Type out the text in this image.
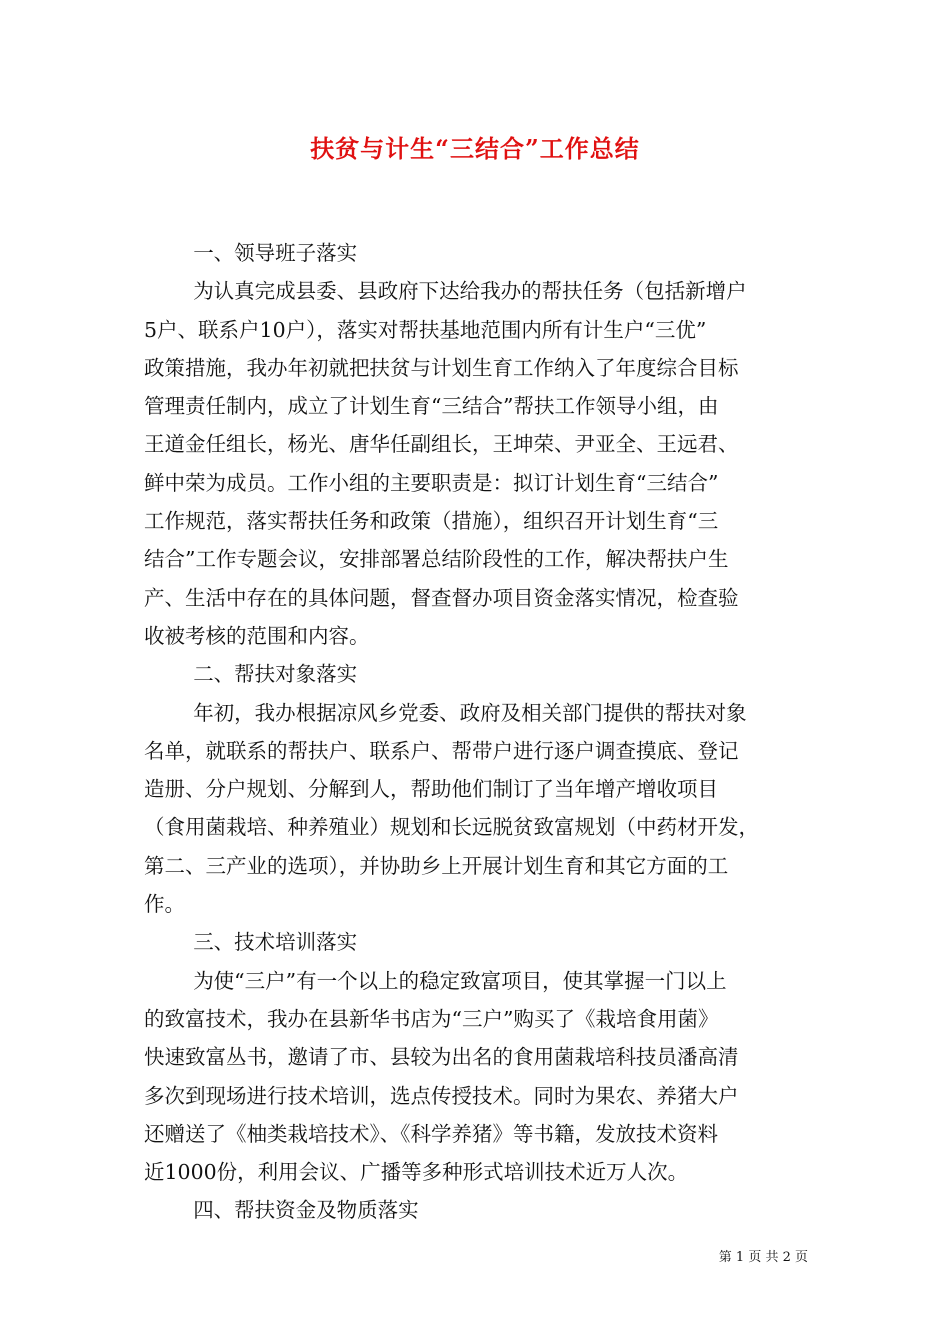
扶贫与计生“三结合”工作总结

一、领导班子落实

为认真完成县委、县政府下达给我办的帮扶任务（包括新增户
5户、联系户10户），落实对帮扶基地范围内所有计生户“三优”
政策措施，我办年初就把扶贫与计划生育工作纳入了年度综合目标
管理责任制内，成立了计划生育“三结合”帮扶工作领导小组，由
王道金任组长，杨光、唐华任副组长，王坤荣、尹亚全、王远君、
鲜中荣为成员。工作小组的主要职责是：拟订计划生育“三结合”
工作规范，落实帮扶任务和政策（措施），组织召开计划生育“三
结合”工作专题会议，安排部署总结阶段性的工作，解决帮扶户生
产、生活中存在的具体问题，督查督办项目资金落实情况，检查验
收被考核的范围和内容。

二、帮扶对象落实

年初，我办根据凉风乡党委、政府及相关部门提供的帮扶对象
名单，就联系的帮扶户、联系户、帮带户进行逐户调查摸底、登记
造册、分户规划、分解到人，帮助他们制订了当年增产增收项目
（食用菌栽培、种养殖业）规划和长远脱贫致富规划（中药材开发，
第二、三产业的选项），并协助乡上开展计划生育和其它方面的工
作。

三、技术培训落实

为使“三户”有一个以上的稳定致富项目，使其掌握一门以上
的致富技术，我办在县新华书店为“三户”购买了《栽培食用菌》
快速致富丛书，邀请了市、县较为出名的食用菌栽培科技员潘高清
多次到现场进行技术培训，选点传授技术。同时为果农、养猪大户
还赠送了《柚类栽培技术》、《科学养猪》等书籍，发放技术资料
近1000份，利用会议、广播等多种形式培训技术近万人次。

四、帮扶资金及物质落实

第 1 页 共 2 页
